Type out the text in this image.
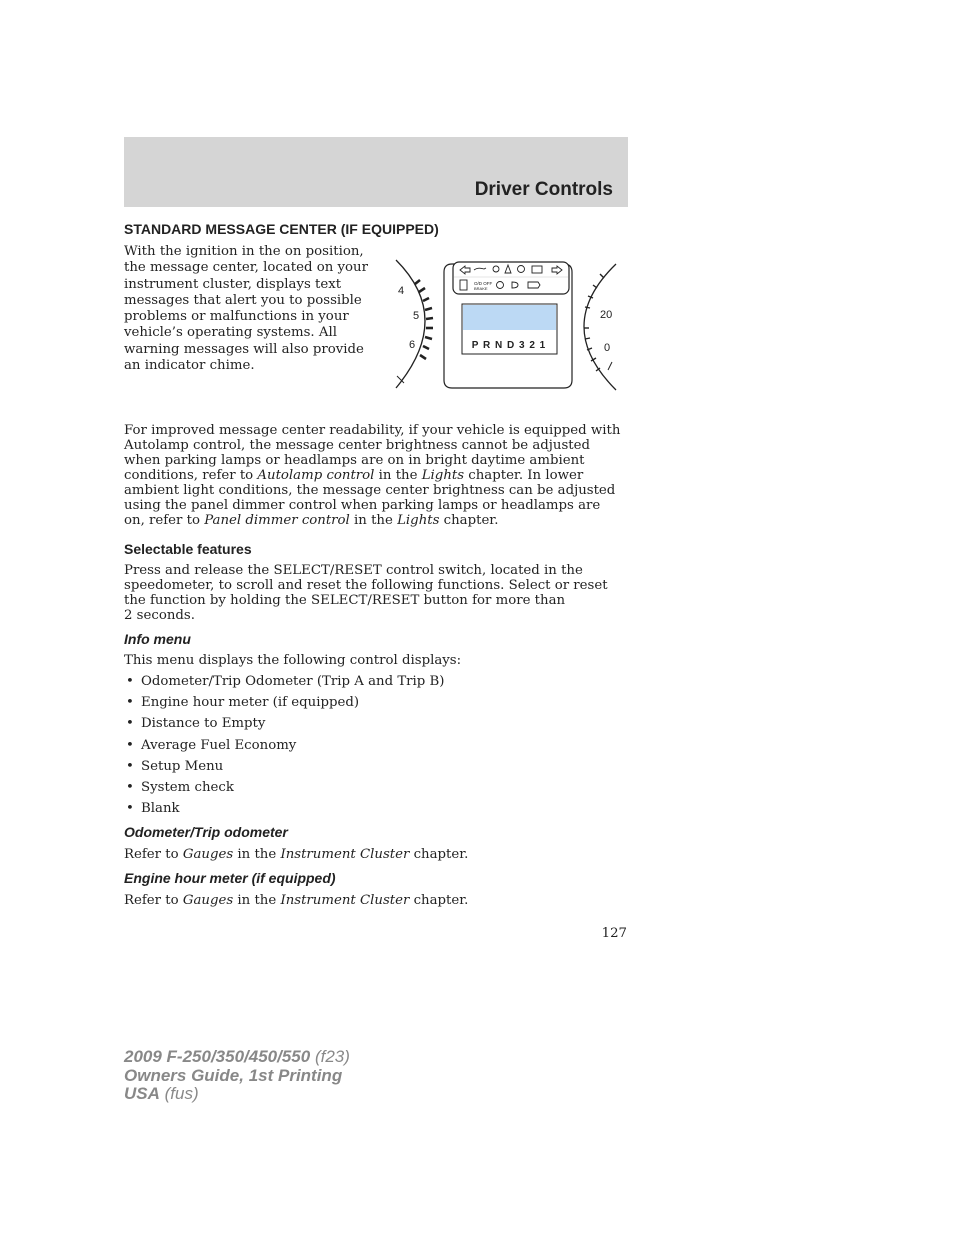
Driver Controls
STANDARD MESSAGE CENTER (IF EQUIPPED)
With the ignition in the on position,
the message center, located on your
instrument cluster, displays text
messages that alert you to possible
problems or malfunctions in your
vehicle’s operating systems. All
warning messages will also provide
an indicator chime.
4
5
6
20
0
O/D OFF
BRAKE
P R N D 3 2 1
For improved message center readability, if your vehicle is equipped with
Autolamp control, the message center brightness cannot be adjusted
when parking lamps or headlamps are on in bright daytime ambient
conditions, refer to Autolamp control in the Lights chapter. In lower
ambient light conditions, the message center brightness can be adjusted
using the panel dimmer control when parking lamps or headlamps are
on, refer to Panel dimmer control in the Lights chapter.
Selectable features
Press and release the SELECT/RESET control switch, located in the
speedometer, to scroll and reset the following functions. Select or reset
the function by holding the SELECT/RESET button for more than
2 seconds.
Info menu
This menu displays the following control displays:
• Odometer/Trip Odometer (Trip A and Trip B)
• Engine hour meter (if equipped)
• Distance to Empty
• Average Fuel Economy
• Setup Menu
• System check
• Blank
Odometer/Trip odometer
Refer to Gauges in the Instrument Cluster chapter.
Engine hour meter (if equipped)
Refer to Gauges in the Instrument Cluster chapter.
127
2009 F-250/350/450/550 (f23)
Owners Guide, 1st Printing
USA (fus)
